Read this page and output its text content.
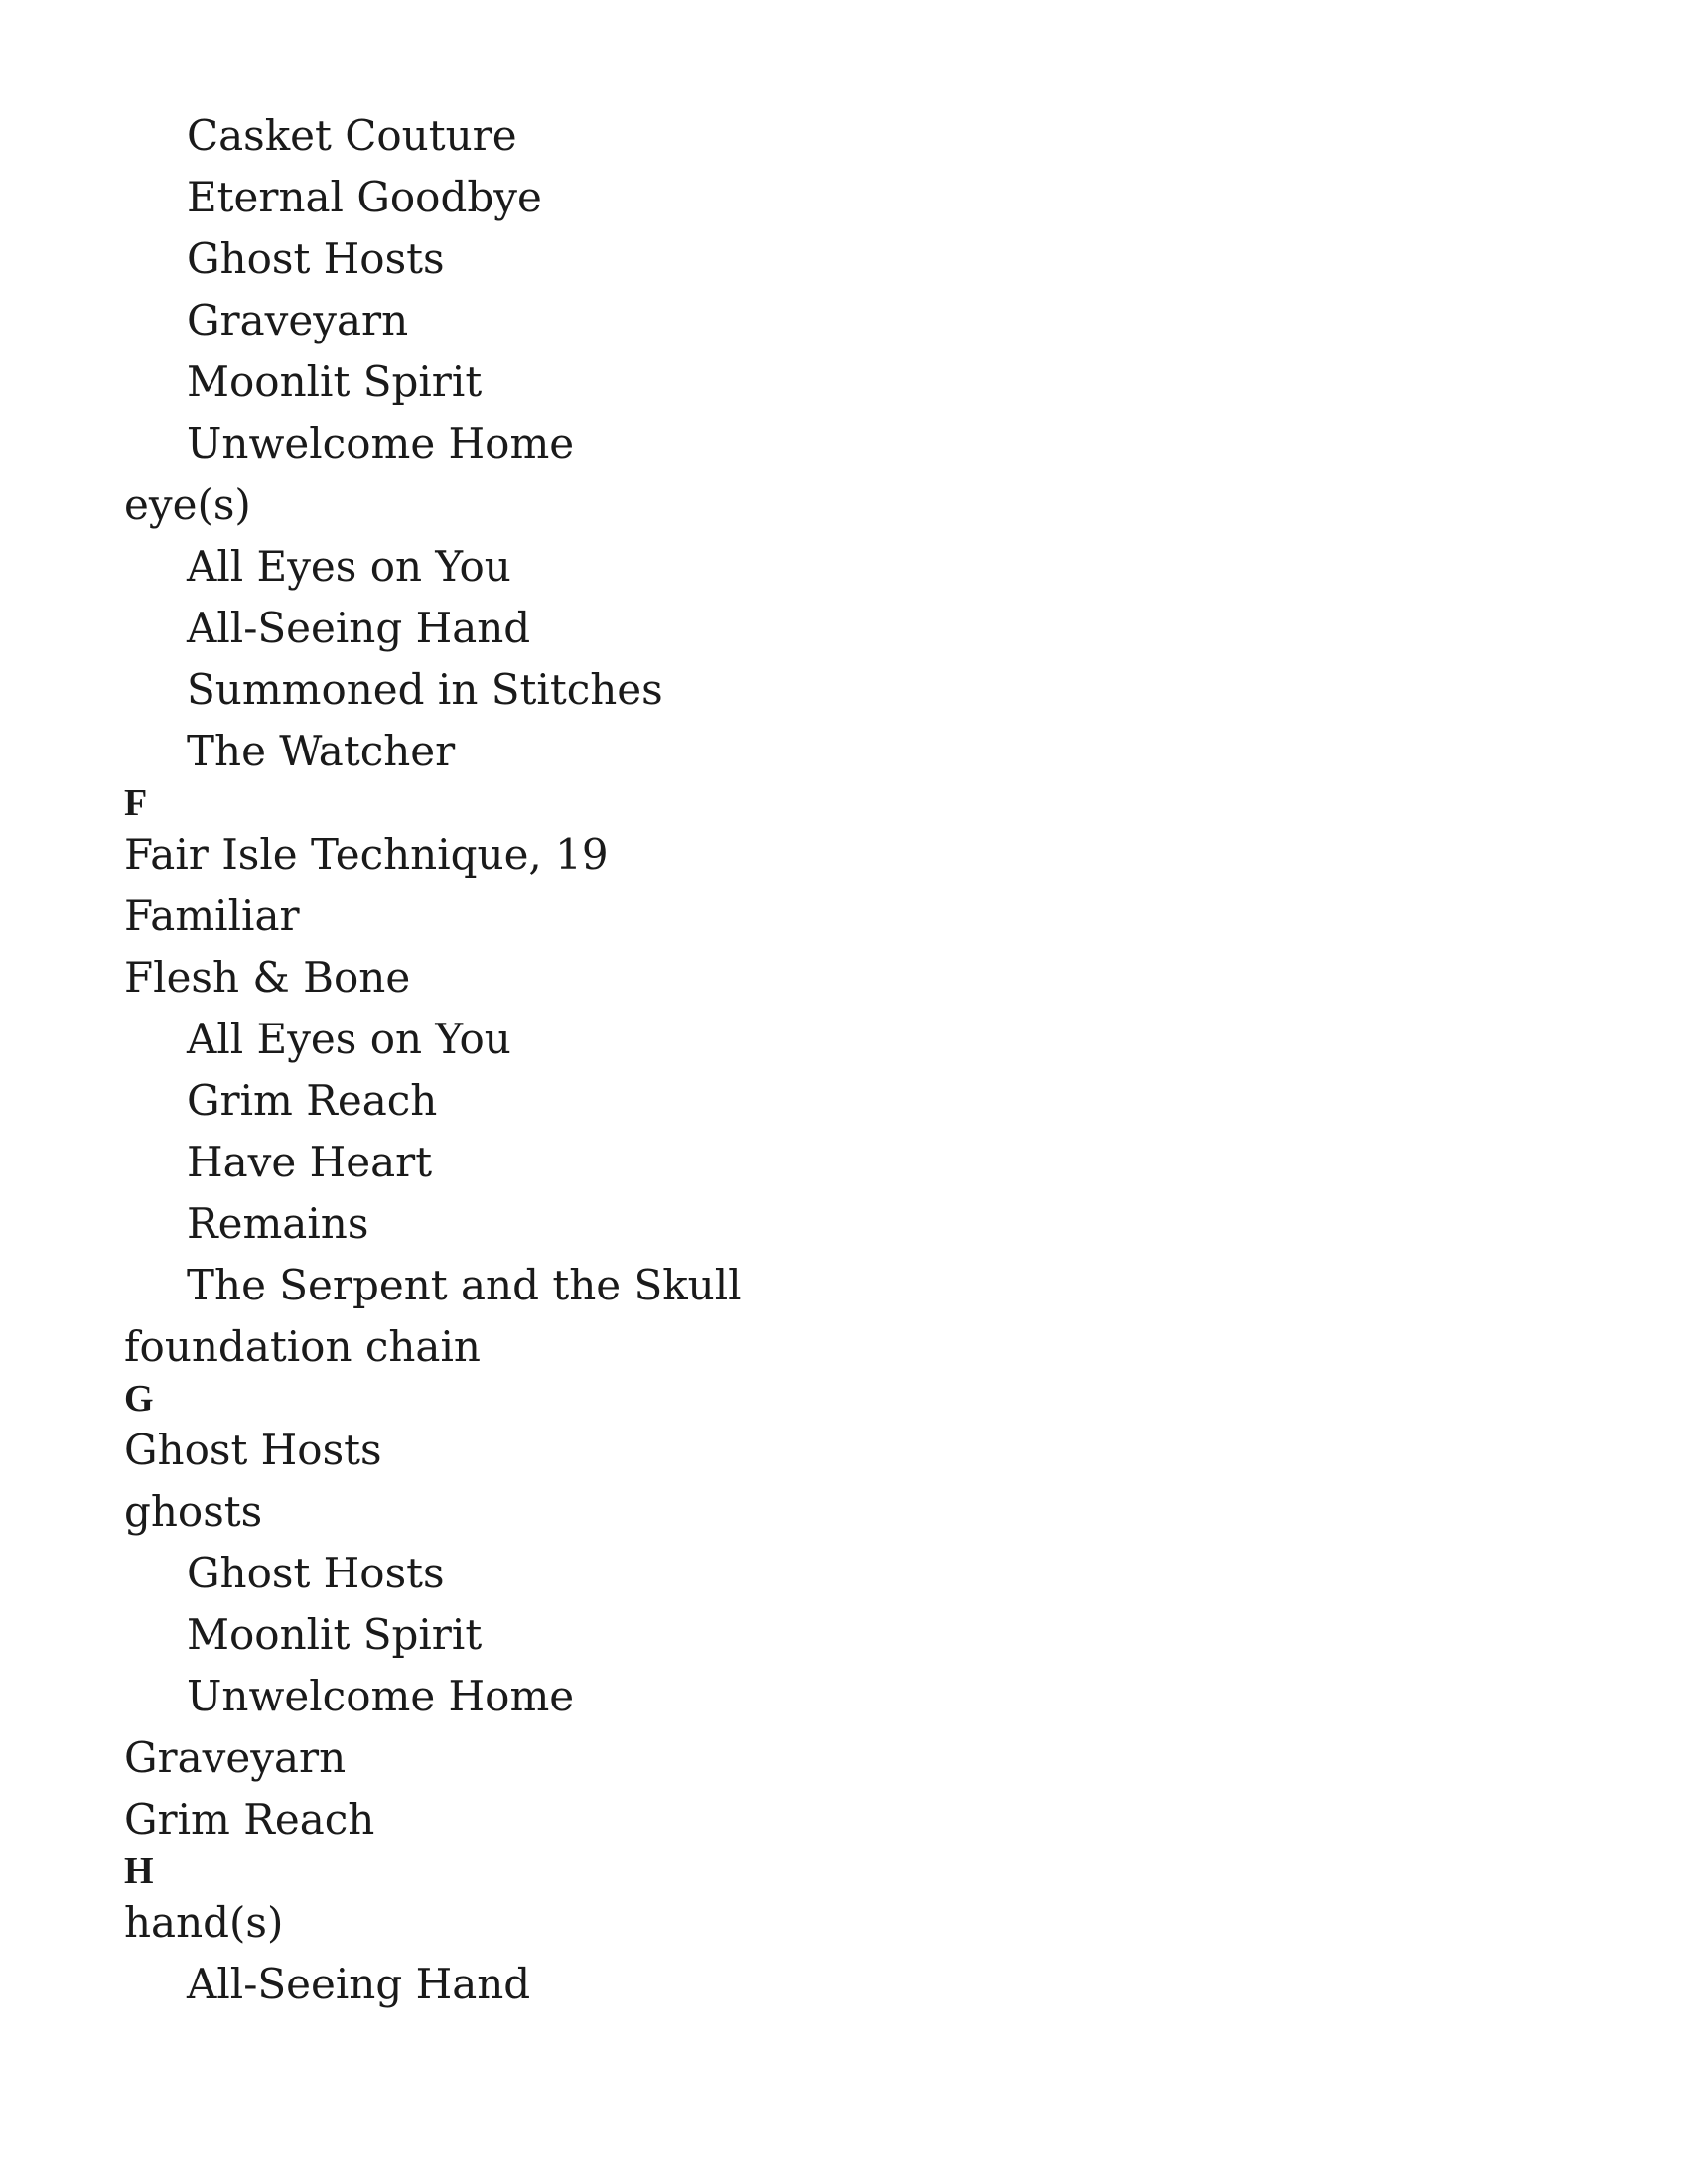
Casket Couture
Eternal Goodbye
Ghost Hosts
Graveyarn
Moonlit Spirit
Unwelcome Home
eye(s)
All Eyes on You
All-Seeing Hand
Summoned in Stitches
The Watcher
F
Fair Isle Technique, 19
Familiar
Flesh & Bone
All Eyes on You
Grim Reach
Have Heart
Remains
The Serpent and the Skull
foundation chain
G
Ghost Hosts
ghosts
Ghost Hosts
Moonlit Spirit
Unwelcome Home
Graveyarn
Grim Reach
H
hand(s)
All-Seeing Hand
